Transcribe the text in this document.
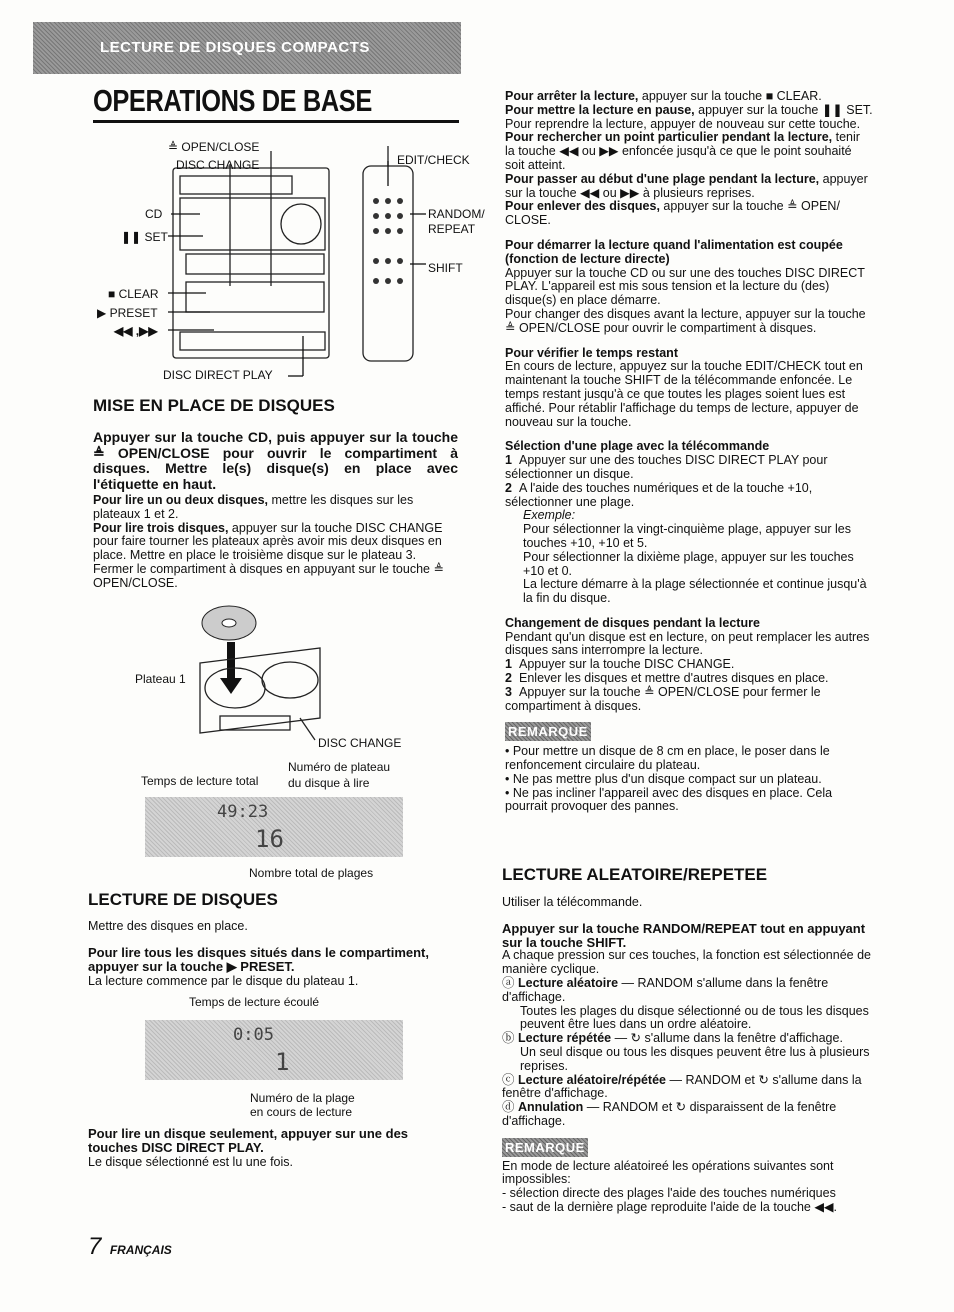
LECTURE DE DISQUES COMPACTS
OPERATIONS DE BASE
≜ OPEN/CLOSE
DISC CHANGE
CD
❚❚ SET
■ CLEAR
▶ PRESET
◀◀ ,▶▶
DISC DIRECT PLAY
EDIT/CHECK
RANDOM/
REPEAT
SHIFT
MISE EN PLACE DE DISQUES
Appuyer sur la touche CD, puis appuyer sur la touche ≜ OPEN/CLOSE pour ouvrir le compartiment à disques. Mettre le(s) disque(s) en place avec l'étiquette en haut.
Pour lire un ou deux disques, mettre les disques sur les plateaux 1 et 2.
Pour lire trois disques, appuyer sur la touche DISC CHANGE pour faire tourner les plateaux après avoir mis deux disques en place. Mettre en place le troisième disque sur le plateau 3. Fermer le compartiment à disques en appuyant sur le touche ≜ OPEN/CLOSE.
Plateau 1
DISC CHANGE
Numéro de plateau
du disque à lire
Temps de lecture total
49:23
16
Nombre total de plages
LECTURE DE DISQUES
Mettre des disques en place.
Pour lire tous les disques situés dans le compartiment, appuyer sur la touche ▶ PRESET.
La lecture commence par le disque du plateau 1.
Temps de lecture écoulé
0:05
1
Numéro de la plage
en cours de lecture
Pour lire un disque seulement, appuyer sur une des touches DISC DIRECT PLAY.
Le disque sélectionné est lu une fois.
Pour arrêter la lecture, appuyer sur la touche ■ CLEAR.
Pour mettre la lecture en pause, appuyer sur la touche ❚❚ SET. Pour reprendre la lecture, appuyer de nouveau sur cette touche.
Pour rechercher un point particulier pendant la lecture, tenir la touche ◀◀ ou ▶▶ enfoncée jusqu'à ce que le point souhaité soit atteint.
Pour passer au début d'une plage pendant la lecture, appuyer sur la touche ◀◀ ou ▶▶ à plusieurs reprises.
Pour enlever des disques, appuyer sur la touche ≜ OPEN/ CLOSE.
Pour démarrer la lecture quand l'alimentation est coupée (fonction de lecture directe)
Appuyer sur la touche CD ou sur une des touches DISC DIRECT PLAY. L'appareil est mis sous tension et la lecture du (des) disque(s) en place démarre.
Pour changer des disques avant la lecture, appuyer sur la touche ≜ OPEN/CLOSE pour ouvrir le compartiment à disques.
Pour vérifier le temps restant
En cours de lecture, appuyez sur la touche EDIT/CHECK tout en maintenant la touche SHIFT de la télécommande enfoncée. Le temps restant jusqu'à ce que toutes les plages soient lues est affiché. Pour rétablir l'affichage du temps de lecture, appuyer de nouveau sur la touche.
Sélection d'une plage avec la télécommande
1 Appuyer sur une des touches DISC DIRECT PLAY pour sélectionner un disque.
2 A l'aide des touches numériques et de la touche +10, sélectionner une plage.
Exemple:
Pour sélectionner la vingt-cinquième plage, appuyer sur les touches +10, +10 et 5.
Pour sélectionner la dixième plage, appuyer sur les touches +10 et 0.
La lecture démarre à la plage sélectionnée et continue jusqu'à la fin du disque.
Changement de disques pendant la lecture
Pendant qu'un disque est en lecture, on peut remplacer les autres disques sans interrompre la lecture.
1 Appuyer sur la touche DISC CHANGE.
2 Enlever les disques et mettre d'autres disques en place.
3 Appuyer sur la touche ≜ OPEN/CLOSE pour fermer le compartiment à disques.
REMARQUE
• Pour mettre un disque de 8 cm en place, le poser dans le renfoncement circulaire du plateau.
• Ne pas mettre plus d'un disque compact sur un plateau.
• Ne pas incliner l'appareil avec des disques en place. Cela pourrait provoquer des pannes.
LECTURE ALEATOIRE/REPETEE
Utiliser la télécommande.
Appuyer sur la touche RANDOM/REPEAT tout en appuyant sur la touche SHIFT.
A chaque pression sur ces touches, la fonction est sélectionnée de manière cyclique.
ⓐ Lecture aléatoire — RANDOM s'allume dans la fenêtre d'affichage.
Toutes les plages du disque sélectionné ou de tous les disques peuvent être lues dans un ordre aléatoire.
ⓑ Lecture répétée — ↻ s'allume dans la fenêtre d'affichage.
Un seul disque ou tous les disques peuvent être lus à plusieurs reprises.
ⓒ Lecture aléatoire/répétée — RANDOM et ↻ s'allume dans la fenêtre d'affichage.
ⓓ Annulation — RANDOM et ↻ disparaissent de la fenêtre d'affichage.
REMARQUE
En mode de lecture aléatoireé les opérations suivantes sont impossibles:
- sélection directe des plages l'aide des touches numériques
- saut de la dernière plage reproduite l'aide de la touche ◀◀.
7 FRANÇAIS
